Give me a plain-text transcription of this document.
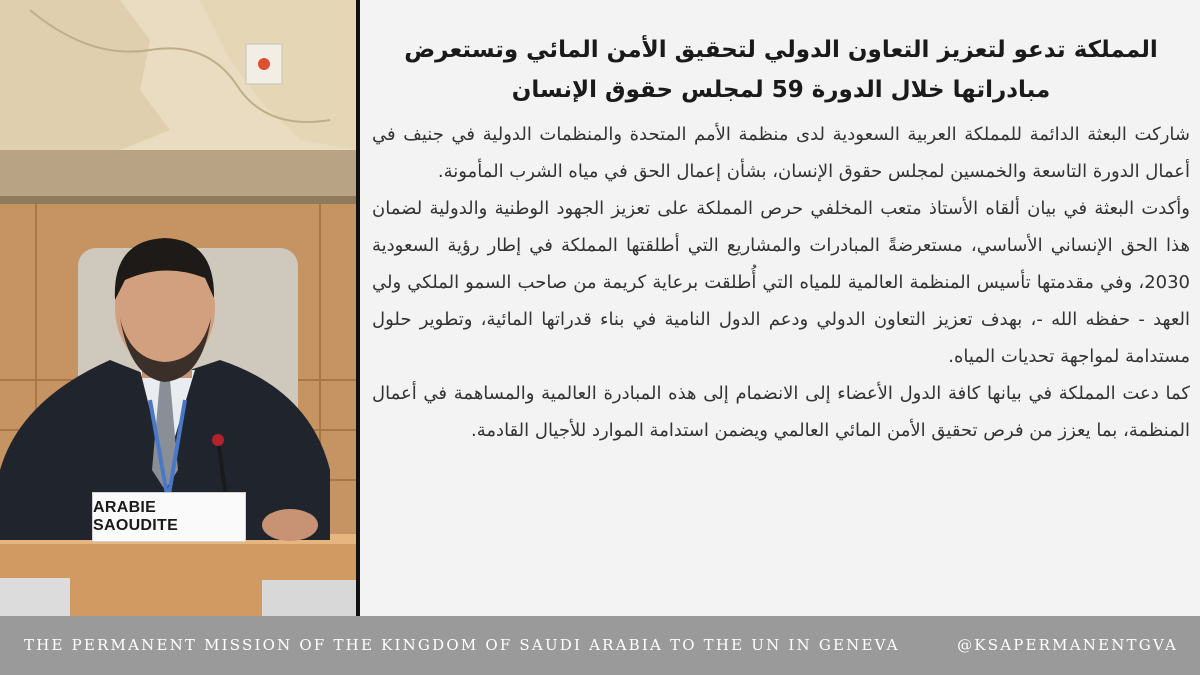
ARABIE SAOUDITE
المملكة تدعو لتعزيز التعاون الدولي لتحقيق الأمن المائي وتستعرض
مبادراتها خلال الدورة 59 لمجلس حقوق الإنسان

شاركت البعثة الدائمة للمملكة العربية السعودية لدى منظمة الأمم المتحدة والمنظمات الدولية في جنيف في أعمال الدورة التاسعة والخمسين لمجلس حقوق الإنسان، بشأن إعمال الحق في مياه الشرب المأمونة.

وأكدت البعثة في بيان ألقاه الأستاذ متعب المخلفي حرص المملكة على تعزيز الجهود الوطنية والدولية لضمان هذا الحق الإنساني الأساسي، مستعرضةً المبادرات والمشاريع التي أطلقتها المملكة في إطار رؤية السعودية 2030، وفي مقدمتها تأسيس المنظمة العالمية للمياه التي أُطلقت برعاية كريمة من صاحب السمو الملكي ولي العهد - حفظه الله -، بهدف تعزيز التعاون الدولي ودعم الدول النامية في بناء قدراتها المائية، وتطوير حلول مستدامة لمواجهة تحديات المياه.

كما دعت المملكة في بيانها كافة الدول الأعضاء إلى الانضمام إلى هذه المبادرة العالمية والمساهمة في أعمال المنظمة، بما يعزز من فرص تحقيق الأمن المائي العالمي ويضمن استدامة الموارد للأجيال القادمة.

THE PERMANENT MISSION OF THE KINGDOM OF SAUDI ARABIA TO THE UN IN GENEVA	@KSAPERMANENTGVA
